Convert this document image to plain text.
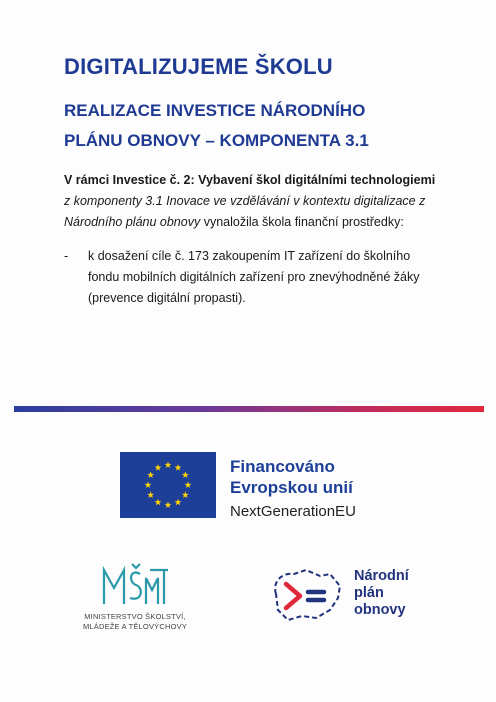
DIGITALIZUJEME ŠKOLU
REALIZACE INVESTICE NÁRODNÍHO
PLÁNU OBNOVY – KOMPONENTA 3.1

V rámci Investice č. 2: Vybavení škol digitálními technologiemi
z komponenty 3.1 Inovace ve vzdělávání v kontextu digitalizace z Národního plánu obnovy vynaložila škola finanční prostředky:

- k dosažení cíle č. 173 zakoupením IT zařízení do školního
fondu mobilních digitálních zařízení pro znevýhodněné žáky
(prevence digitální propasti).
Financováno
Evropskou unií
NextGenerationEU
MINISTERSTVO ŠKOLSTVÍ,
MLÁDEŽE A TĚLOVÝCHOVY
Národní
plán
obnovy
